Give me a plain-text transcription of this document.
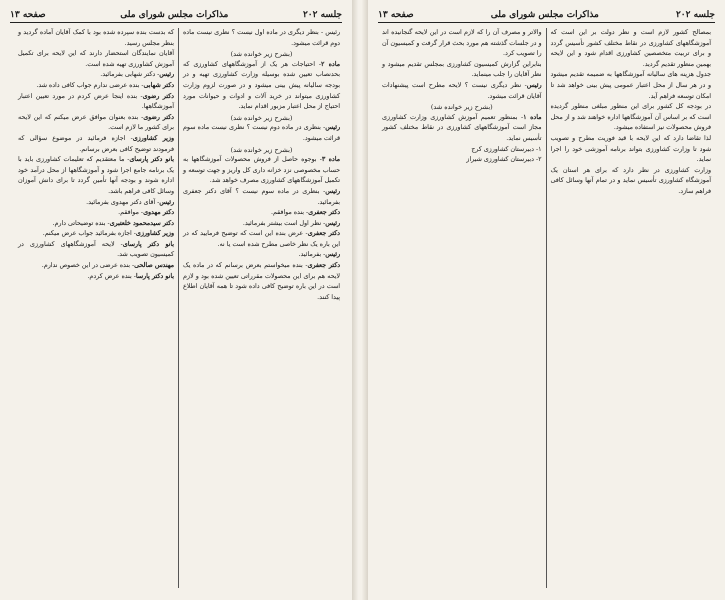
جلسه ۲۰۲
مذاکرات مجلس شورای ملی
صفحه ۱۳

رئیس - بنظر دیگری در ماده اول نیست ؟ نظری نیست ماده دوم قرائت میشود.

(بشرح زیر خوانده شد)

ماده ۲- احتیاجات هر یک از آموزشگاههای کشاورزی که بحدنصاب تعیین شده بوسیله وزارت کشاورزی تهیه و در بودجه سالیانه پیش بینی میشود و در صورت لزوم وزارت کشاورزی میتواند در خرید آلات و ادوات و حیوانات مورد احتیاج از محل اعتبار مزبور اقدام نماید.

(بشرح زیر خوانده شد)

رئیس- بنظری در ماده دوم نیست ؟ نظری نیست ماده سوم قرائت میشود.

(بشرح زیر خوانده شد)

ماده ۳- بوجوه حاصل از فروش محصولات آموزشگاهها به حساب مخصوصی نزد خزانه داری کل واریز و جهت توسعه و تکمیل آموزشگاههای کشاورزی مصرف خواهد شد.

رئیس- بنظری در ماده سوم نیست ؟ آقای دکتر جعفری بفرمائید.

دکتر جعفری- بنده موافقم.

رئیس- نظر اول است بیشتر بفرمائید.

دکتر جعفری- عرض بنده این است که توضیح فرمایید که در این باره یک نظر خاصی مطرح شده است یا نه.

رئیس- بفرمائید.

دکتر جعفری- بنده میخواستم بعرض برسانم که در ماده یک لایحه هم برای این محصولات مقرراتی تعیین شده بود و لازم است در این باره توضیح کافی داده شود تا همه آقایان اطلاع پیدا کنند.

که بدست بنده سپرده شده بود با کمک آقایان آماده گردید و بنظر مجلس رسید.

آقایان نمایندگان استحضار دارند که این لایحه برای تکمیل آموزش کشاورزی تهیه شده است.

رئیس- دکتر شهابی بفرمائید.

دکتر شهابی- بنده عرضی ندارم جواب کافی داده شد.

دکتر رضوی- بنده اینجا عرض کردم در مورد تعیین اعتبار آموزشگاهها.

دکتر رضوی- بنده بعنوان موافق عرض میکنم که این لایحه برای کشور ما لازم است.

وزیر کشاورزی- اجازه فرمائید در موضوع سؤالی که فرمودند توضیح کافی بعرض برسانم.

بانو دکتر پارسای- ما معتقدیم که تعلیمات کشاورزی باید با یک برنامه جامع اجرا شود و آموزشگاهها از محل درآمد خود اداره شوند و بودجه آنها تأمین گردد تا برای دانش آموزان وسائل کافی فراهم باشد.

رئیس- آقای دکتر مهدوی بفرمائید.

دکتر مهدوی- موافقم.

دکتر سیدمحمود خلعتبری- بنده توضیحاتی دارم.

وزیر کشاورزی- اجازه بفرمائید جواب عرض میکنم.

بانو دکتر پارسای- لایحه آموزشگاههای کشاورزی در کمیسیون تصویب شد.

مهندس صالحی- بنده عرضی در این خصوص ندارم.

بانو دکتر پارسا- بنده عرض کردم.

جلسه ۲۰۲
مذاکرات مجلس شورای ملی
صفحه ۱۳

بمصالح کشور لازم است و نظر دولت بر این است که آموزشگاههای کشاورزی در نقاط مختلف کشور تأسیس گردد و برای تربیت متخصصین کشاورزی اقدام شود و این لایحه بهمین منظور تقدیم گردید.

جدول هزینه های سالیانه آموزشگاهها به ضمیمه تقدیم میشود و در هر سال از محل اعتبار عمومی پیش بینی خواهد شد تا امکان توسعه فراهم آید.

در بودجه کل کشور برای این منظور مبلغی منظور گردیده است که بر اساس آن آموزشگاهها اداره خواهند شد و از محل فروش محصولات نیز استفاده میشود.

لذا تقاضا دارد که این لایحه با قید فوریت مطرح و تصویب شود تا وزارت کشاورزی بتواند برنامه آموزشی خود را اجرا نماید.

وزارت کشاورزی در نظر دارد که برای هر استان یک آموزشگاه کشاورزی تأسیس نماید و در تمام آنها وسائل کافی فراهم سازد.

والاتر و مصرف آن را که لازم است در این لایحه گنجانیده اند و در جلسات گذشته هم مورد بحث قرار گرفت و کمیسیون آن را تصویب کرد.

بنابراین گزارش کمیسیون کشاورزی بمجلس تقدیم میشود و نظر آقایان را جلب مینماید.

رئیس- نظر دیگری نیست ؟ لایحه مطرح است پیشنهادات آقایان قرائت میشود.

(بشرح زیر خوانده شد)

ماده ۱- بمنظور تعمیم آموزش کشاورزی وزارت کشاورزی مجاز است آموزشگاههای کشاورزی در نقاط مختلف کشور تأسیس نماید.

۱- دبیرستان کشاورزی کرج

۲- دبیرستان کشاورزی شیراز
